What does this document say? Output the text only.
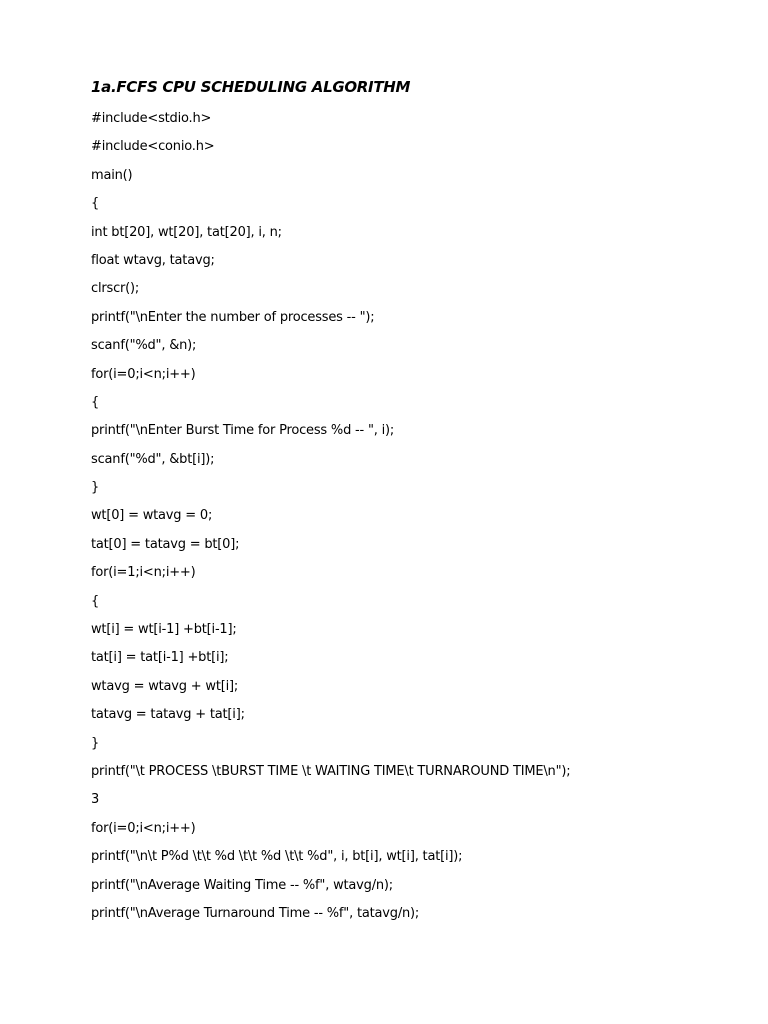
1a.FCFS CPU SCHEDULING ALGORITHM
#include<stdio.h>
#include<conio.h>
main()
{
int bt[20], wt[20], tat[20], i, n;
float wtavg, tatavg;
clrscr();
printf("\nEnter the number of processes -- ");
scanf("%d", &n);
for(i=0;i<n;i++)
{
printf("\nEnter Burst Time for Process %d -- ", i);
scanf("%d", &bt[i]);
}
wt[0] = wtavg = 0;
tat[0] = tatavg = bt[0];
for(i=1;i<n;i++)
{
wt[i] = wt[i-1] +bt[i-1];
tat[i] = tat[i-1] +bt[i];
wtavg = wtavg + wt[i];
tatavg = tatavg + tat[i];
}
printf("\t PROCESS \tBURST TIME \t WAITING TIME\t TURNAROUND TIME\n");
3
for(i=0;i<n;i++)
printf("\n\t P%d \t\t %d \t\t %d \t\t %d", i, bt[i], wt[i], tat[i]);
printf("\nAverage Waiting Time -- %f", wtavg/n);
printf("\nAverage Turnaround Time -- %f", tatavg/n);
